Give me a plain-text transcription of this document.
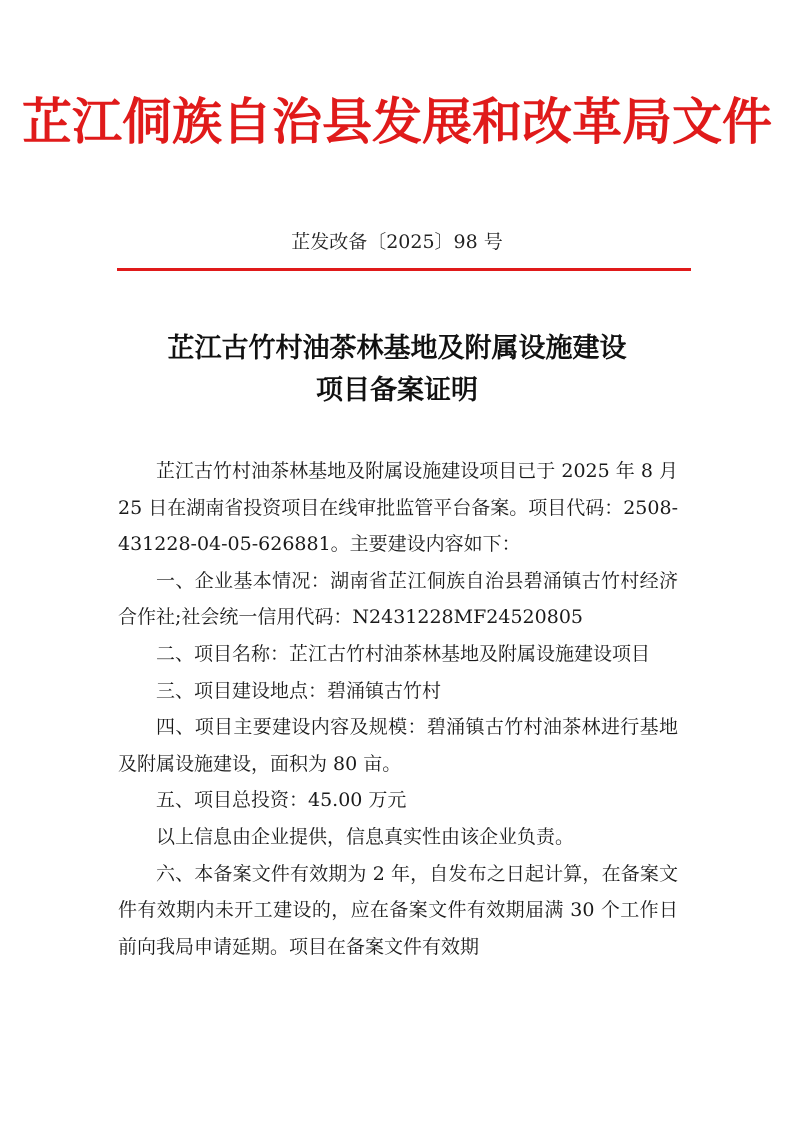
芷江侗族自治县发展和改革局文件
芷发改备〔2025〕98 号
芷江古竹村油茶林基地及附属设施建设
项目备案证明

芷江古竹村油茶林基地及附属设施建设项目已于 2025 年 8 月 25 日在湖南省投资项目在线审批监管平台备案。项目代码：2508-431228-04-05-626881。主要建设内容如下：

一、企业基本情况：湖南省芷江侗族自治县碧涌镇古竹村经济合作社;社会统一信用代码：N2431228MF24520805

二、项目名称：芷江古竹村油茶林基地及附属设施建设项目

三、项目建设地点：碧涌镇古竹村

四、项目主要建设内容及规模：碧涌镇古竹村油茶林进行基地及附属设施建设，面积为 80 亩。

五、项目总投资：45.00 万元

以上信息由企业提供，信息真实性由该企业负责。

六、本备案文件有效期为 2 年，自发布之日起计算，在备案文件有效期内未开工建设的，应在备案文件有效期届满 30 个工作日前向我局申请延期。项目在备案文件有效期
